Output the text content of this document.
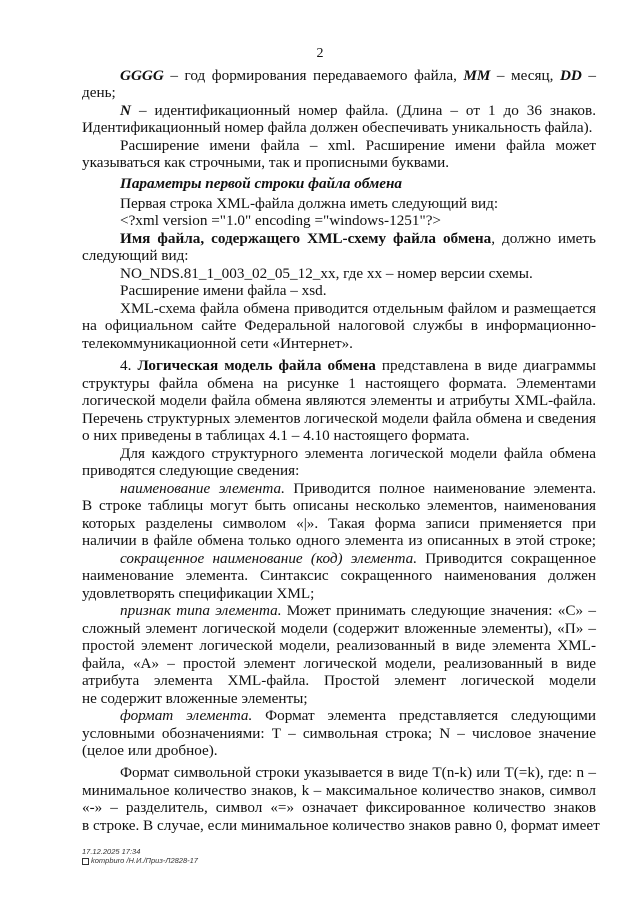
2
GGGG – год формирования передаваемого файла, MM – месяц, DD –
день;
N – идентификационный номер файла. (Длина – от 1 до 36 знаков.
Идентификационный номер файла должен обеспечивать уникальность файла).
Расширение имени файла – xml. Расширение имени файла может
указываться как строчными, так и прописными буквами.
Параметры первой строки файла обмена
Первая строка XML-файла должна иметь следующий вид:
<?xml version ="1.0" encoding ="windows-1251"?>
Имя файла, содержащего XML-схему файла обмена, должно иметь
следующий вид:
NO_NDS.81_1_003_02_05_12_xx, где хх – номер версии схемы.
Расширение имени файла – xsd.
XML-схема файла обмена приводится отдельным файлом и размещается
на официальном сайте Федеральной налоговой службы в информационно-
телекоммуникационной сети «Интернет».
4. Логическая модель файла обмена представлена в виде диаграммы
структуры файла обмена на рисунке 1 настоящего формата. Элементами
логической модели файла обмена являются элементы и атрибуты XML-файла.
Перечень структурных элементов логической модели файла обмена и сведения
о них приведены в таблицах 4.1 – 4.10 настоящего формата.
Для каждого структурного элемента логической модели файла обмена
приводятся следующие сведения:
наименование элемента. Приводится полное наименование элемента.
В строке таблицы могут быть описаны несколько элементов, наименования
которых разделены символом «|». Такая форма записи применяется при
наличии в файле обмена только одного элемента из описанных в этой строке;
сокращенное наименование (код) элемента. Приводится сокращенное
наименование элемента. Синтаксис сокращенного наименования должен
удовлетворять спецификации XML;
признак типа элемента. Может принимать следующие значения: «С» –
сложный элемент логической модели (содержит вложенные элементы), «П» –
простой элемент логической модели, реализованный в виде элемента XML-
файла, «А» – простой элемент логической модели, реализованный в виде
атрибута элемента XML-файла. Простой элемент логической модели
не содержит вложенные элементы;
формат элемента. Формат элемента представляется следующими
условными обозначениями: Т – символьная строка; N – числовое значение
(целое или дробное).
Формат символьной строки указывается в виде Т(n-k) или Т(=k), где: n –
минимальное количество знаков, k – максимальное количество знаков, символ
«-» – разделитель, символ «=» означает фиксированное количество знаков
в строке. В случае, если минимальное количество знаков равно 0, формат имеет
17.12.2025 17:34
kompburo /Н.И./Приз-Л2828-17
